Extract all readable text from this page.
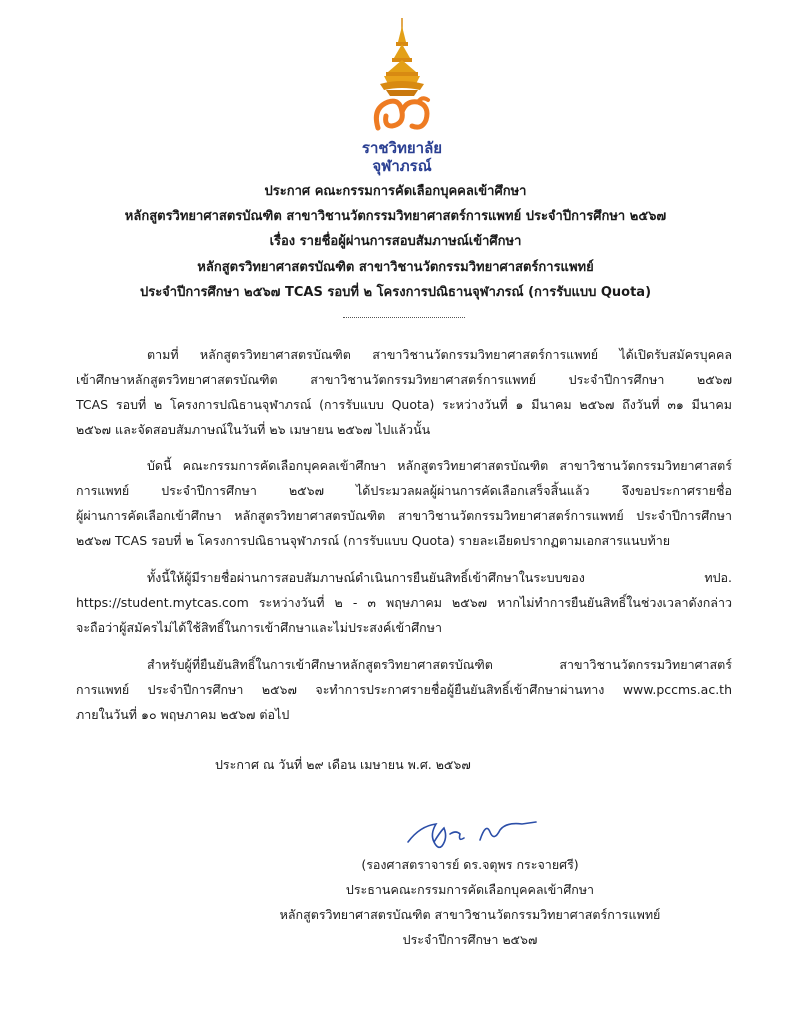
ราชวิทยาลัย
จุฬาภรณ์
ประกาศ คณะกรรมการคัดเลือกบุคคลเข้าศึกษา
หลักสูตรวิทยาศาสตรบัณฑิต สาขาวิชานวัตกรรมวิทยาศาสตร์การแพทย์ ประจำปีการศึกษา ๒๕๖๗
เรื่อง รายชื่อผู้ผ่านการสอบสัมภาษณ์เข้าศึกษา
หลักสูตรวิทยาศาสตรบัณฑิต สาขาวิชานวัตกรรมวิทยาศาสตร์การแพทย์
ประจำปีการศึกษา ๒๕๖๗ TCAS รอบที่ ๒ โครงการปณิธานจุฬาภรณ์ (การรับแบบ Quota)
ตามที่ หลักสูตรวิทยาศาสตรบัณฑิต สาขาวิชานวัตกรรมวิทยาศาสตร์การแพทย์ ได้เปิดรับสมัครบุคคล
เข้าศึกษาหลักสูตรวิทยาศาสตรบัณฑิต สาขาวิชานวัตกรรมวิทยาศาสตร์การแพทย์ ประจำปีการศึกษา ๒๕๖๗
TCAS รอบที่ ๒ โครงการปณิธานจุฬาภรณ์ (การรับแบบ Quota) ระหว่างวันที่ ๑ มีนาคม ๒๕๖๗ ถึงวันที่ ๓๑ มีนาคม
๒๕๖๗ และจัดสอบสัมภาษณ์ในวันที่ ๒๖ เมษายน ๒๕๖๗ ไปแล้วนั้น
บัดนี้ คณะกรรมการคัดเลือกบุคคลเข้าศึกษา หลักสูตรวิทยาศาสตรบัณฑิต สาขาวิชานวัตกรรมวิทยาศาสตร์
การแพทย์ ประจำปีการศึกษา ๒๕๖๗ ได้ประมวลผลผู้ผ่านการคัดเลือกเสร็จสิ้นแล้ว จึงขอประกาศรายชื่อ
ผู้ผ่านการคัดเลือกเข้าศึกษา หลักสูตรวิทยาศาสตรบัณฑิต สาขาวิชานวัตกรรมวิทยาศาสตร์การแพทย์ ประจำปีการศึกษา
๒๕๖๗ TCAS รอบที่ ๒ โครงการปณิธานจุฬาภรณ์ (การรับแบบ Quota) รายละเอียดปรากฏตามเอกสารแนบท้าย
ทั้งนี้ให้ผู้มีรายชื่อผ่านการสอบสัมภาษณ์ดำเนินการยืนยันสิทธิ์เข้าศึกษาในระบบของ ทปอ.
https://student.mytcas.com ระหว่างวันที่ ๒ - ๓ พฤษภาคม ๒๕๖๗ หากไม่ทำการยืนยันสิทธิ์ในช่วงเวลาดังกล่าว
จะถือว่าผู้สมัครไม่ได้ใช้สิทธิ์ในการเข้าศึกษาและไม่ประสงค์เข้าศึกษา
สำหรับผู้ที่ยืนยันสิทธิ์ในการเข้าศึกษาหลักสูตรวิทยาศาสตรบัณฑิต สาขาวิชานวัตกรรมวิทยาศาสตร์
การแพทย์ ประจำปีการศึกษา ๒๕๖๗ จะทำการประกาศรายชื่อผู้ยืนยันสิทธิ์เข้าศึกษาผ่านทาง www.pccms.ac.th
ภายในวันที่ ๑๐ พฤษภาคม ๒๕๖๗ ต่อไป
ประกาศ ณ วันที่ ๒๙ เดือน เมษายน พ.ศ. ๒๕๖๗
(รองศาสตราจารย์ ดร.จตุพร กระจายศรี)
ประธานคณะกรรมการคัดเลือกบุคคลเข้าศึกษา
หลักสูตรวิทยาศาสตรบัณฑิต สาขาวิชานวัตกรรมวิทยาศาสตร์การแพทย์
ประจำปีการศึกษา ๒๕๖๗
